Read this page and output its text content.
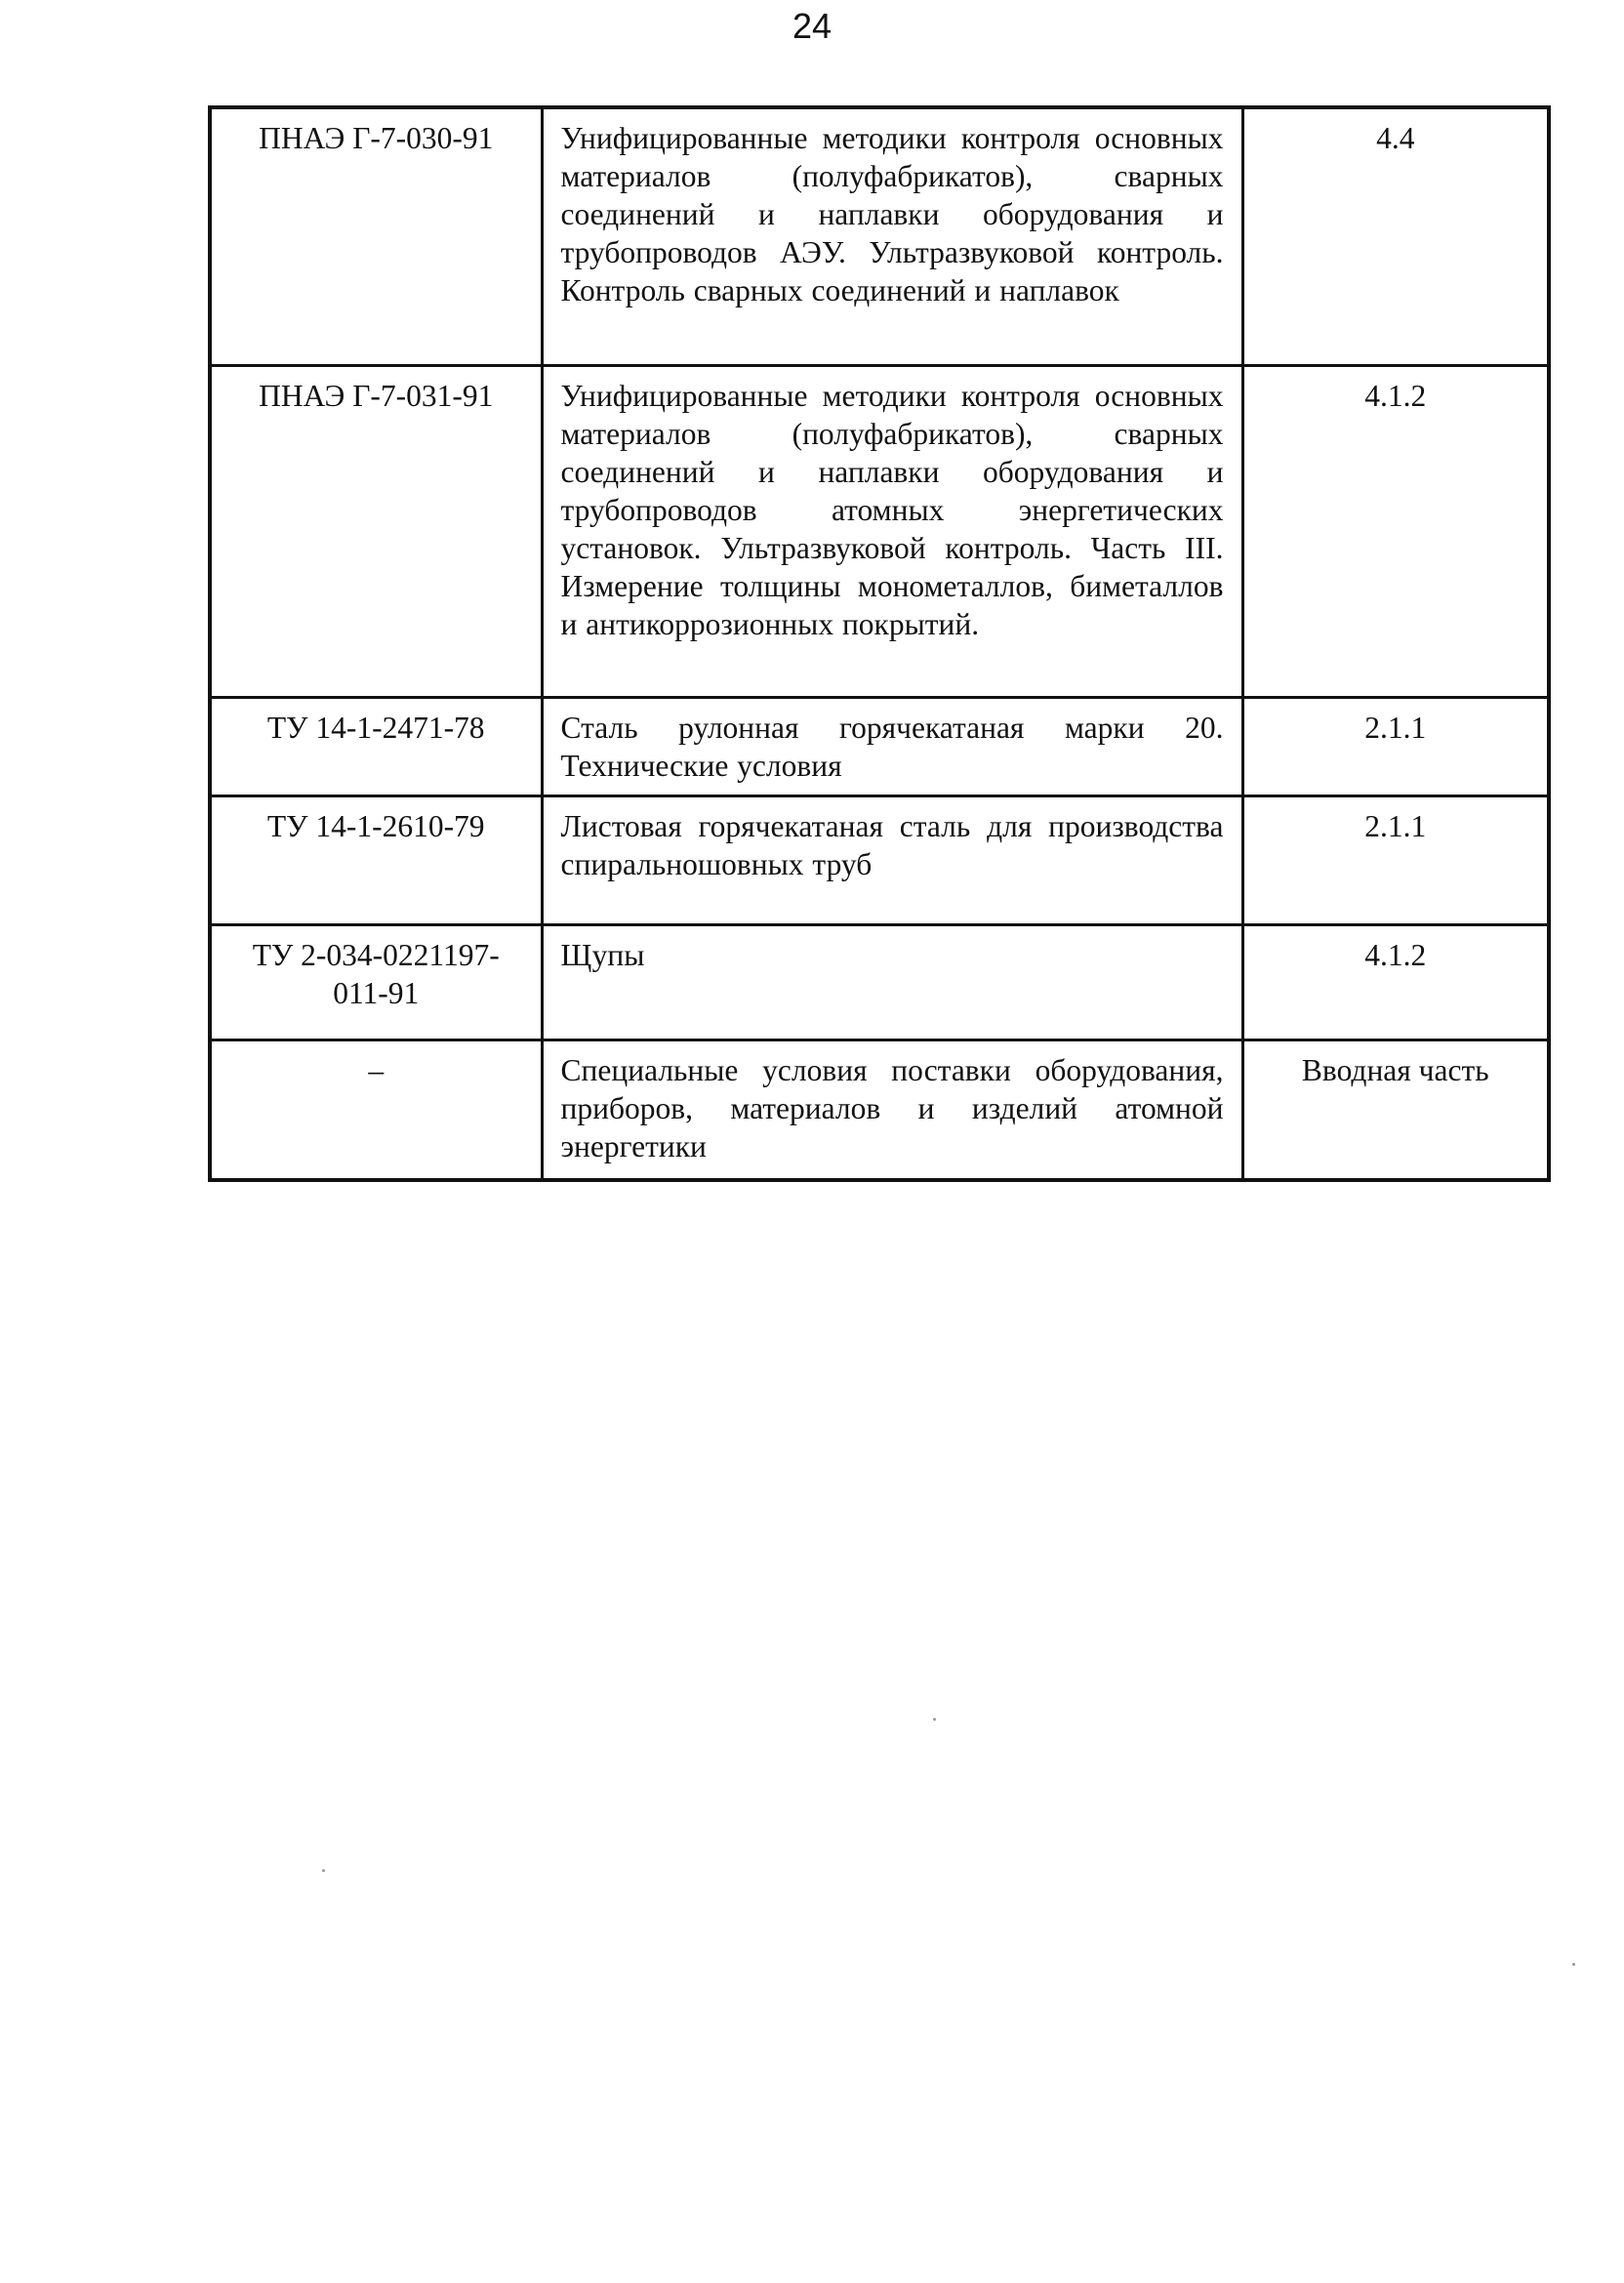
24
ПНАЭ Г-7-030-91	Унифицированные методики контроля основных материалов (полуфабрикатов), сварных соединений и наплавки оборудования и трубопроводов АЭУ. Ультразвуковой контроль. Контроль сварных соединений и наплавок	4.4
ПНАЭ Г-7-031-91	Унифицированные методики контроля основных материалов (полуфабрикатов), сварных соединений и наплавки оборудования и трубопроводов атомных энергетических установок. Ультразвуковой контроль. Часть III. Измерение толщины монометаллов, биметаллов и антикоррозионных покрытий.	4.1.2
ТУ 14-1-2471-78	Сталь рулонная горячекатаная марки 20. Технические условия	2.1.1
ТУ 14-1-2610-79	Листовая горячекатаная сталь для производства спиральношовных труб	2.1.1
ТУ 2-034-0221197-011-91	Щупы	4.1.2
–	Специальные условия поставки оборудования, приборов, материалов и изделий атомной энергетики	Вводная часть
